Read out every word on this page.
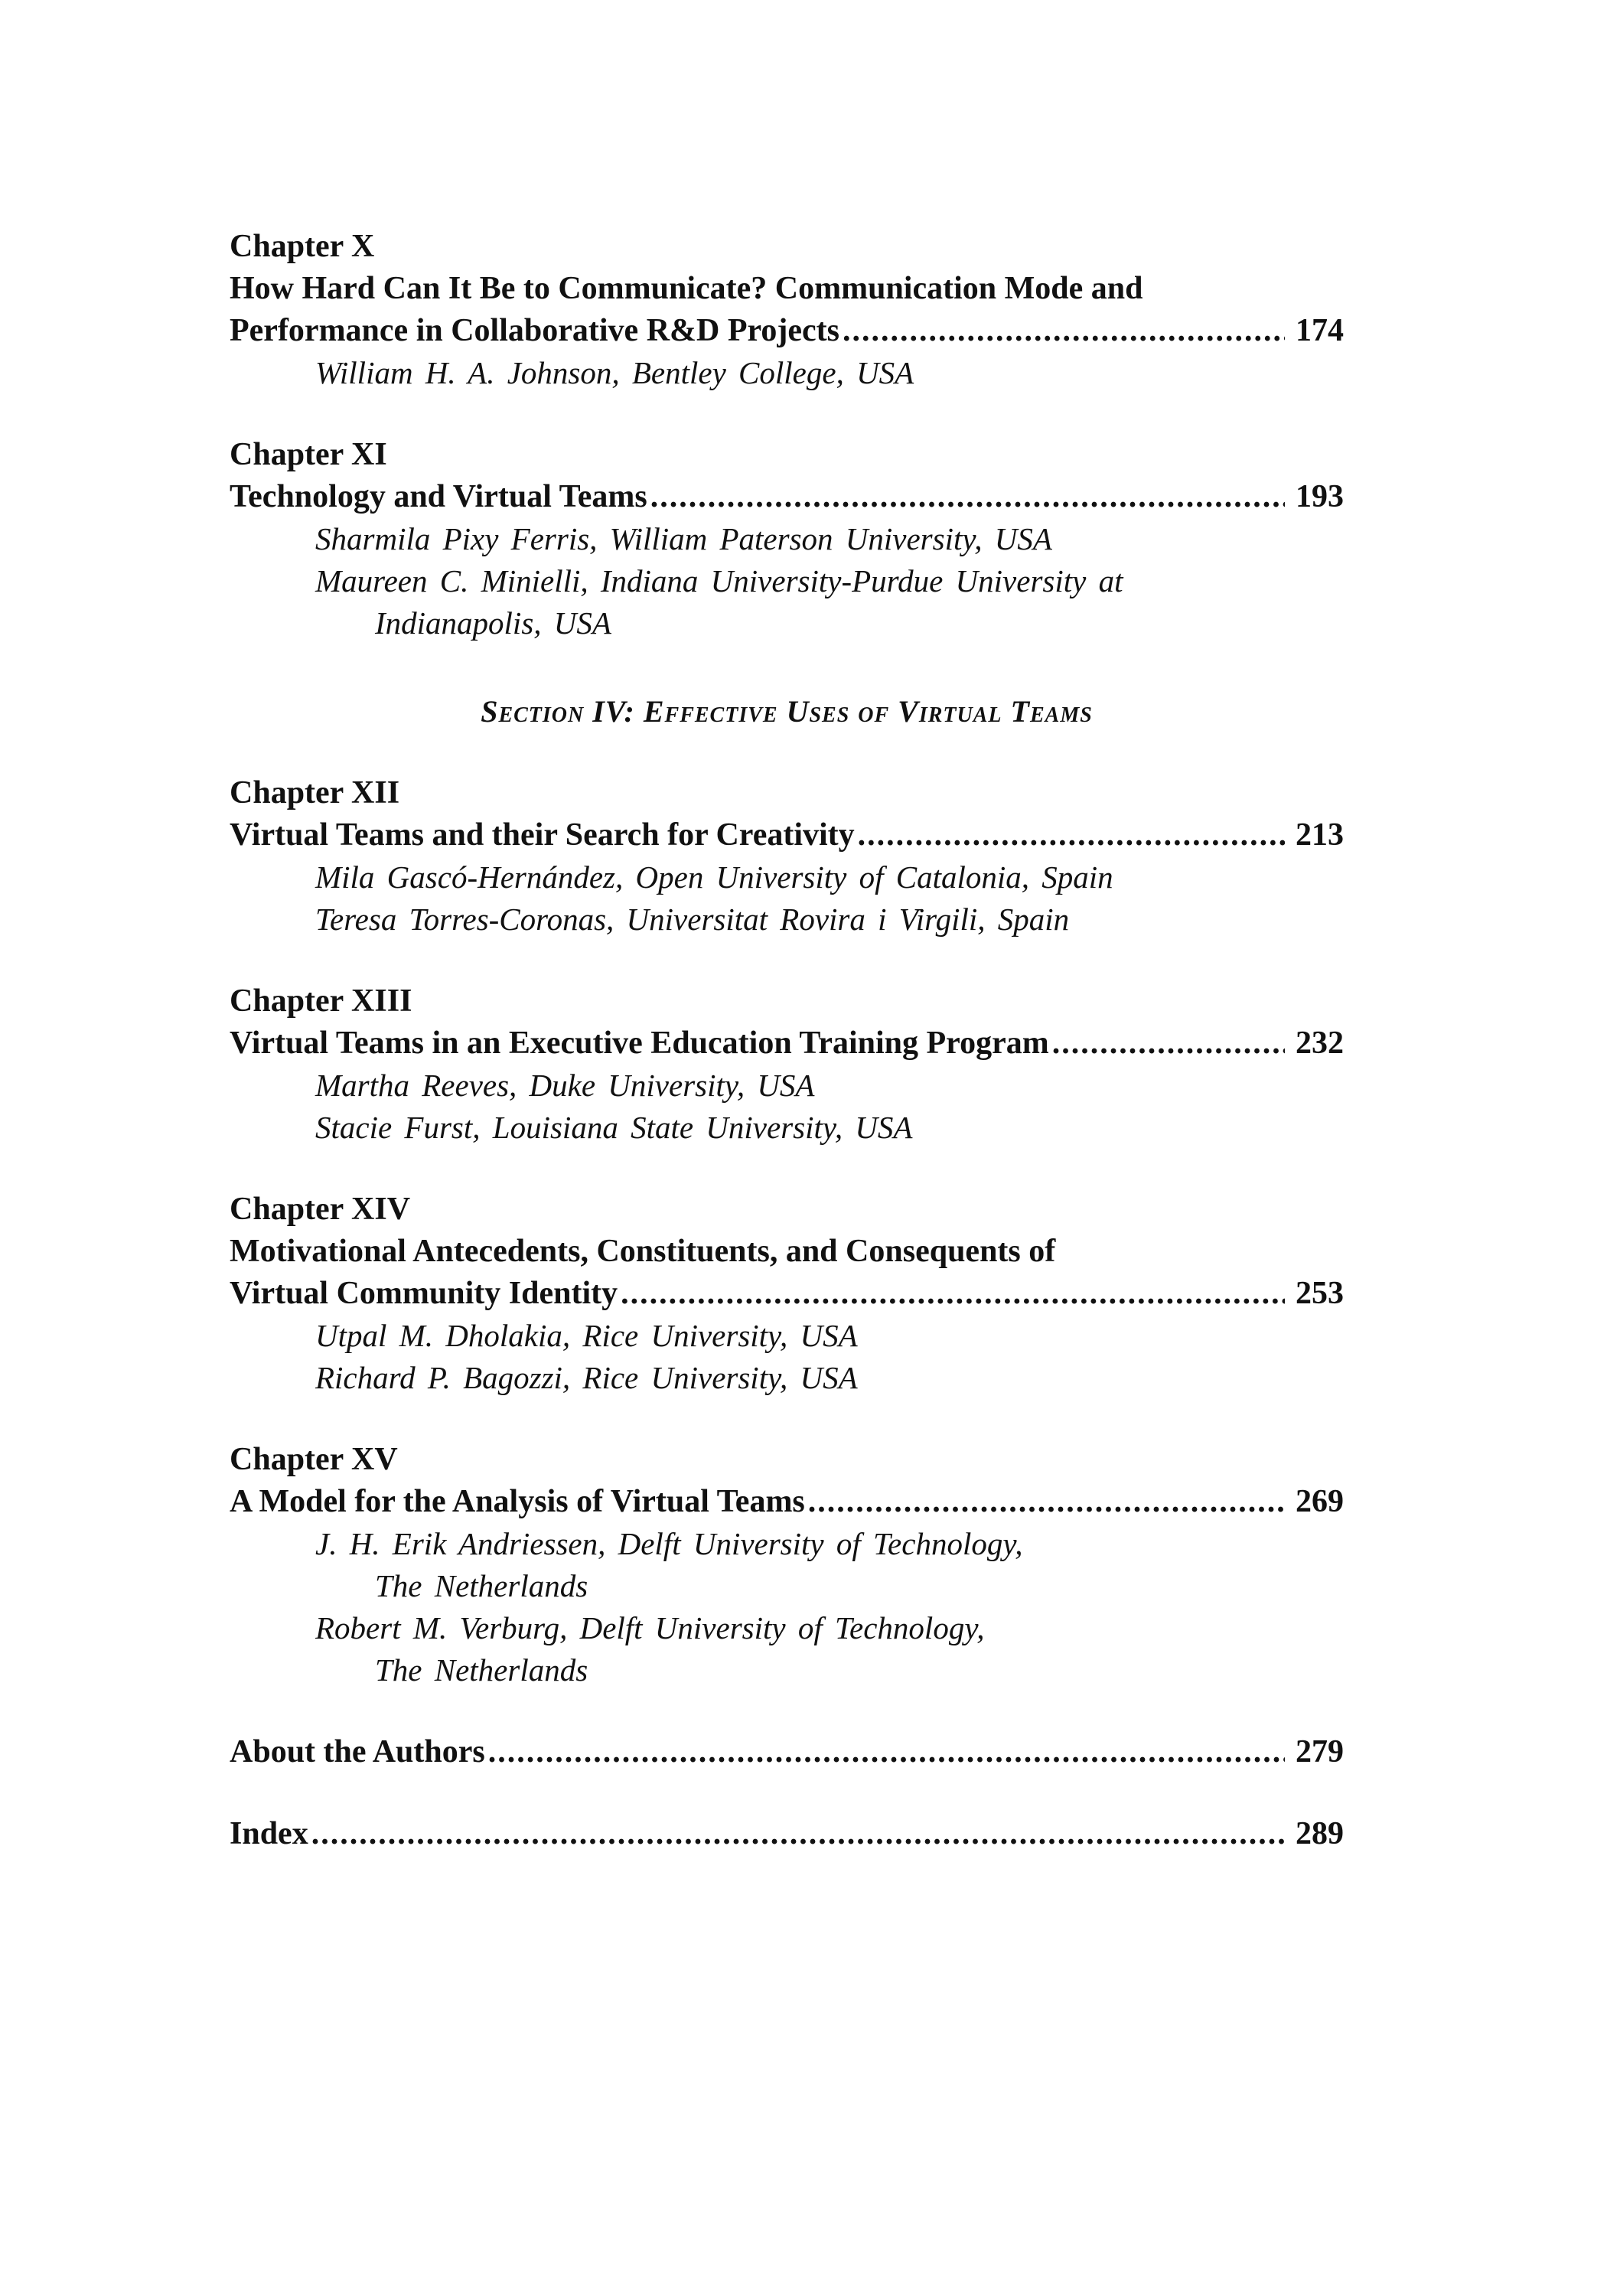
Chapter X
How Hard Can It Be to Communicate? Communication Mode and
Performance in Collaborative R&D Projects .....	174
William H. A. Johnson, Bentley College, USA
Chapter XI
Technology and Virtual Teams .....	193
Sharmila Pixy Ferris, William Paterson University, USA
Maureen C. Minielli, Indiana University-Purdue University at
Indianapolis, USA
Section IV: Effective Uses of Virtual Teams
Chapter XII
Virtual Teams and their Search for Creativity .....	213
Mila Gascó-Hernández, Open University of Catalonia, Spain
Teresa Torres-Coronas, Universitat Rovira i Virgili, Spain
Chapter XIII
Virtual Teams in an Executive Education Training Program .....	232
Martha Reeves, Duke University, USA
Stacie Furst, Louisiana State University, USA
Chapter XIV
Motivational Antecedents, Constituents, and Consequents of
Virtual Community Identity .....	253
Utpal M. Dholakia, Rice University, USA
Richard P. Bagozzi, Rice University, USA
Chapter XV
A Model for the Analysis of Virtual Teams .....	269
J. H. Erik Andriessen, Delft University of Technology,
The Netherlands
Robert M. Verburg, Delft University of Technology,
The Netherlands
About the Authors .....	279
Index .....	289
